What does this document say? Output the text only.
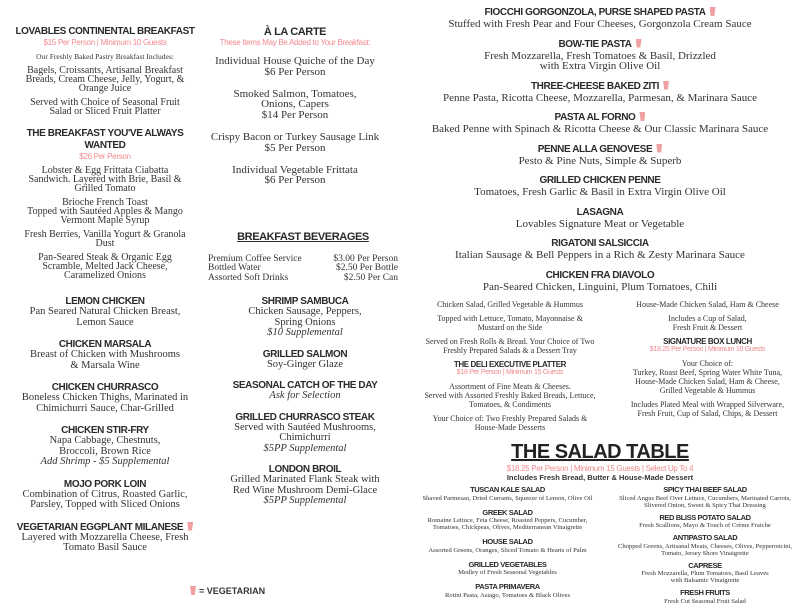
LOVABLES CONTINENTAL BREAKFAST
$15 Per Person | Minimum 10 Guests
Our Freshly Baked Pastry Breakfast Includes:
Bagels, Croissants, Artisanal Breakfast
Breads, Cream Cheese, Jelly, Yogurt, &
Orange Juice
Served with Choice of Seasonal Fruit
Salad or Sliced Fruit Platter
THE BREAKFAST YOU'VE ALWAYS WANTED
$26 Per Person
Lobster & Egg Frittata Ciabatta
Sandwich. Layered with Brie, Basil &
Grilled Tomato
Brioche French Toast
Topped with Sautéed Apples & Mango
Vermont Maple Syrup
Fresh Berries, Vanilla Yogurt & Granola
Dust
Pan-Seared Steak & Organic Egg
Scramble, Melted Jack Cheese,
Caramelized Onions
À LA CARTE
These Items May Be Added to Your Breakfast:
Individual House Quiche of the Day
$6 Per Person
Smoked Salmon, Tomatoes,
Onions, Capers
$14 Per Person
Crispy Bacon or Turkey Sausage Link
$5 Per Person
Individual Vegetable Frittata
$6 Per Person
BREAKFAST BEVERAGES
Premium Coffee Service	$3.00 Per Person
Bottled Water	$2.50 Per Bottle
Assorted Soft Drinks	$2.50 Per Can
LEMON CHICKEN
Pan Seared Natural Chicken Breast,
Lemon Sauce
CHICKEN MARSALA
Breast of Chicken with Mushrooms
& Marsala Wine
CHICKEN CHURRASCO
Boneless Chicken Thighs, Marinated in
Chimichurri Sauce, Char-Grilled
CHICKEN STIR-FRY
Napa Cabbage, Chestnuts,
Broccoli, Brown Rice
Add Shrimp - $5 Supplemental
MOJO PORK LOIN
Combination of Citrus, Roasted Garlic,
Parsley, Topped with Sliced Onions
VEGETARIAN EGGPLANT MILANESE
Layered with Mozzarella Cheese, Fresh
Tomato Basil Sauce
SHRIMP SAMBUCA
Chicken Sausage, Peppers,
Spring Onions
$10 Supplemental
GRILLED SALMON
Soy-Ginger Glaze
SEASONAL CATCH OF THE DAY
Ask for Selection
GRILLED CHURRASCO STEAK
Served with Sautéed Mushrooms,
Chimichurri
$5PP Supplemental
LONDON BROIL
Grilled Marinated Flank Steak with
Red Wine Mushroom Demi-Glace
$5PP Supplemental
FIOCCHI GORGONZOLA, PURSE SHAPED PASTA
Stuffed with Fresh Pear and Four Cheeses, Gorgonzola Cream Sauce
BOW-TIE PASTA
Fresh Mozzarella, Fresh Tomatoes & Basil, Drizzled
with Extra Virgin Olive Oil
THREE-CHEESE BAKED ZITI
Penne Pasta, Ricotta Cheese, Mozzarella, Parmesan, & Marinara Sauce
PASTA AL FORNO
Baked Penne with Spinach & Ricotta Cheese & Our Classic Marinara Sauce
PENNE ALLA GENOVESE
Pesto & Pine Nuts, Simple & Superb
GRILLED CHICKEN PENNE
Tomatoes, Fresh Garlic & Basil in Extra Virgin Olive Oil
LASAGNA
Lovables Signature Meat or Vegetable
RIGATONI SALSICCIA
Italian Sausage & Bell Peppers in a Rich & Zesty Marinara Sauce
CHICKEN FRA DIAVOLO
Pan-Seared Chicken, Linguini, Plum Tomatoes, Chili
Chicken Salad, Grilled Vegetable & Hummus
Topped with Lettuce, Tomato, Mayonnaise &
Mustard on the Side
Served on Fresh Rolls & Bread. Your Choice of Two
Freshly Prepared Salads & a Dessert Tray
THE DELI EXECUTIVE PLATTER
$18 Per Person | Minimum 15 Guests
Assortment of Fine Meats & Cheeses.
Served with Assorted Freshly Baked Breads, Lettuce,
Tomatoes, & Condiments
Your Choice of: Two Freshly Prepared Salads &
House-Made Desserts
House-Made Chicken Salad, Ham & Cheese
Includes a Cup of Salad,
Fresh Fruit & Dessert
SIGNATURE BOX LUNCH
$18.25 Per Person | Minimum 10 Guests
Your Choice of:
Turkey, Roast Beef, Spring Water White Tuna,
House-Made Chicken Salad, Ham & Cheese,
Grilled Vegetable & Hummus
Includes Plated Meal with Wrapped Silverware,
Fresh Fruit, Cup of Salad, Chips, & Dessert
THE SALAD TABLE
$18.25 Per Person | Minimum 15 Guests | Select Up To 4
Includes Fresh Bread, Butter & House-Made Dessert
TUSCAN KALE SALAD
Shaved Parmesan, Dried Currants, Squeeze of Lemon, Olive Oil
GREEK SALAD
Romaine Lettuce, Feta Cheese, Roasted Peppers, Cucumber,
Tomatoes, Chickpeas, Olives, Mediterranean Vinaigrette
HOUSE SALAD
Assorted Greens, Oranges, Sliced Tomato & Hearts of Palm
GRILLED VEGETABLES
Medley of Fresh Seasonal Vegetables
PASTA PRIMAVERA
Rotini Pasta, Asiago, Tomatoes & Black Olives
SPICY THAI BEEF SALAD
Sliced Angus Beef Over Lettuce, Cucumbers, Marinated Carrots,
Slivered Onion, Sweet & Spicy Thai Dressing
RED BLISS POTATO SALAD
Fresh Scallions, Mayo & Touch of Crème Fraiche
ANTIPASTO SALAD
Chopped Greens, Artisanal Meats, Cheeses, Olives, Pepperoncini,
Tomato, Jersey Shore Vinaigrette
CAPRESE
Fresh Mozzarella, Plum Tomatoes, Basil Leaves
with Balsamic Vinaigrette
FRESH FRUITS
Fresh Cut Seasonal Fruit Salad
= VEGETARIAN
